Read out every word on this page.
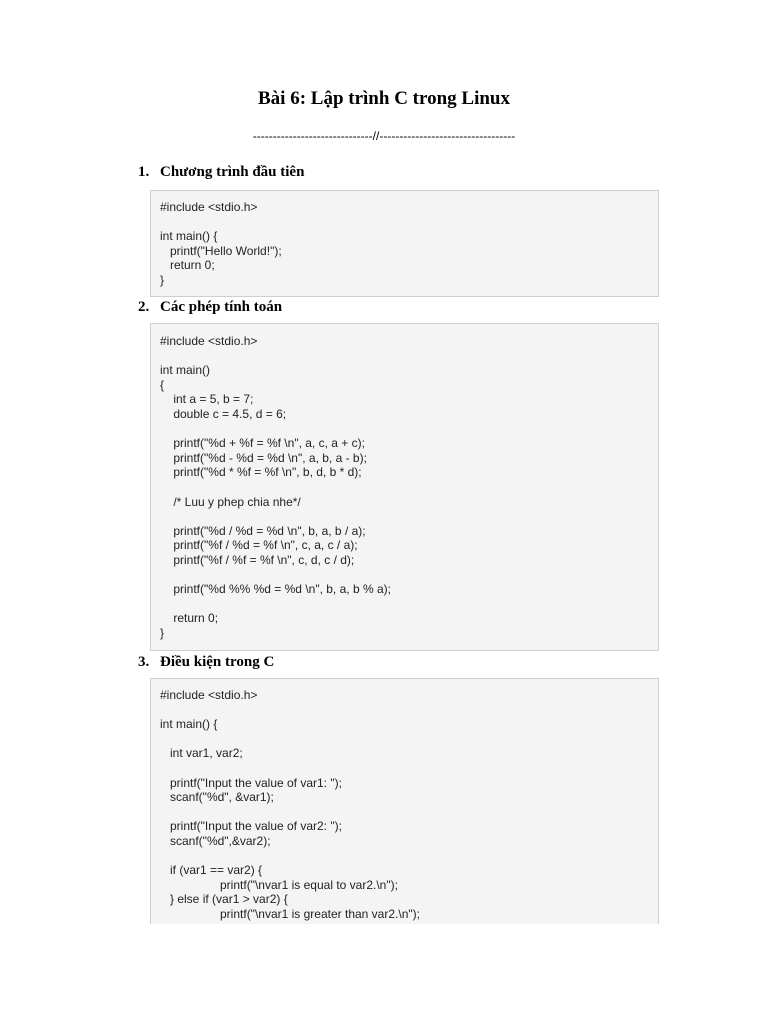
Bài 6: Lập trình C trong Linux
------------------------------//----------------------------------
1. Chương trình đầu tiên
#include <stdio.h>

int main() {
printf("Hello World!");
return 0;
}
2. Các phép tính toán
#include <stdio.h>

int main()
{
int a = 5, b = 7;
double c = 4.5, d = 6;

printf("%d + %f = %f \n", a, c, a + c);
printf("%d - %d = %d \n", a, b, a - b);
printf("%d * %f = %f \n", b, d, b * d);

/* Luu y phep chia nhe*/

printf("%d / %d = %d \n", b, a, b / a);
printf("%f / %d = %f \n", c, a, c / a);
printf("%f / %f = %f \n", c, d, c / d);

printf("%d %% %d = %d \n", b, a, b % a);

return 0;
}
3. Điều kiện trong C
#include <stdio.h>

int main() {

int var1, var2;

printf("Input the value of var1: ");
scanf("%d", &var1);

printf("Input the value of var2: ");
scanf("%d",&var2);

if (var1 == var2) {
printf("\nvar1 is equal to var2.\n");
} else if (var1 > var2) {
printf("\nvar1 is greater than var2.\n");
